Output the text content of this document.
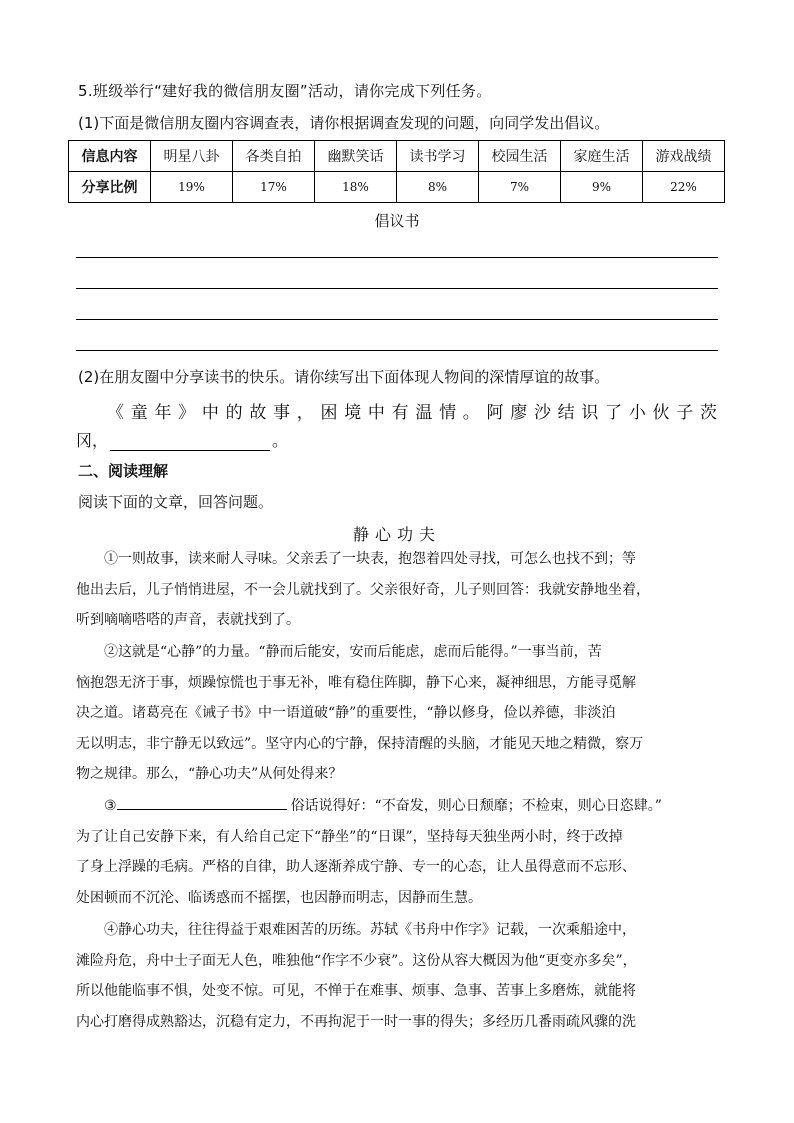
5.班级举行“建好我的微信朋友圈”活动，请你完成下列任务。
(1)下面是微信朋友圈内容调查表，请你根据调查发现的问题，向同学发出倡议。
信息内容	明星八卦	各类自拍	幽默笑话	读书学习	校园生活	家庭生活	游戏战绩
分享比例	19%	17%	18%	8%	7%	9%	22%
倡议书
(2)在朋友圈中分享读书的快乐。请你续写出下面体现人物间的深情厚谊的故事。
《童年》中的故事，困境中有温情。阿廖沙结识了小伙子茨
冈，	。
二、阅读理解
阅读下面的文章，回答问题。
静心功夫
①一则故事，读来耐人寻味。父亲丢了一块表，抱怨着四处寻找，可怎么也找不到；等
他出去后，儿子悄悄进屋，不一会儿就找到了。父亲很好奇，儿子则回答：我就安静地坐着，
听到嘀嘀嗒嗒的声音，表就找到了。
②这就是“心静”的力量。“静而后能安，安而后能虑，虑而后能得。”一事当前，苦
恼抱怨无济于事，烦躁惊慌也于事无补，唯有稳住阵脚，静下心来，凝神细思，方能寻觅解
决之道。诸葛亮在《诫子书》中一语道破“静”的重要性，“静以修身，俭以养德，非淡泊
无以明志，非宁静无以致远”。坚守内心的宁静，保持清醒的头脑，才能见天地之精微，察万
物之规律。那么，“静心功夫”从何处得来？
③	俗话说得好：“不奋发，则心日颓靡；不检束，则心日恣肆。”
为了让自己安静下来，有人给自己定下“静坐”的“日课”，坚持每天独坐两小时，终于改掉
了身上浮躁的毛病。严格的自律，助人逐渐养成宁静、专一的心态，让人虽得意而不忘形、
处困顿而不沉沦、临诱惑而不摇摆，也因静而明志，因静而生慧。
④静心功夫，往往得益于艰难困苦的历练。苏轼《书舟中作字》记载，一次乘船途中，
滩险舟危，舟中士子面无人色，唯独他“作字不少衰”。这份从容大概因为他“更变亦多矣”，
所以他能临事不惧，处变不惊。可见，不惮于在难事、烦事、急事、苦事上多磨炼，就能将
内心打磨得成熟豁达，沉稳有定力，不再拘泥于一时一事的得失；多经历几番雨疏风骤的洗
